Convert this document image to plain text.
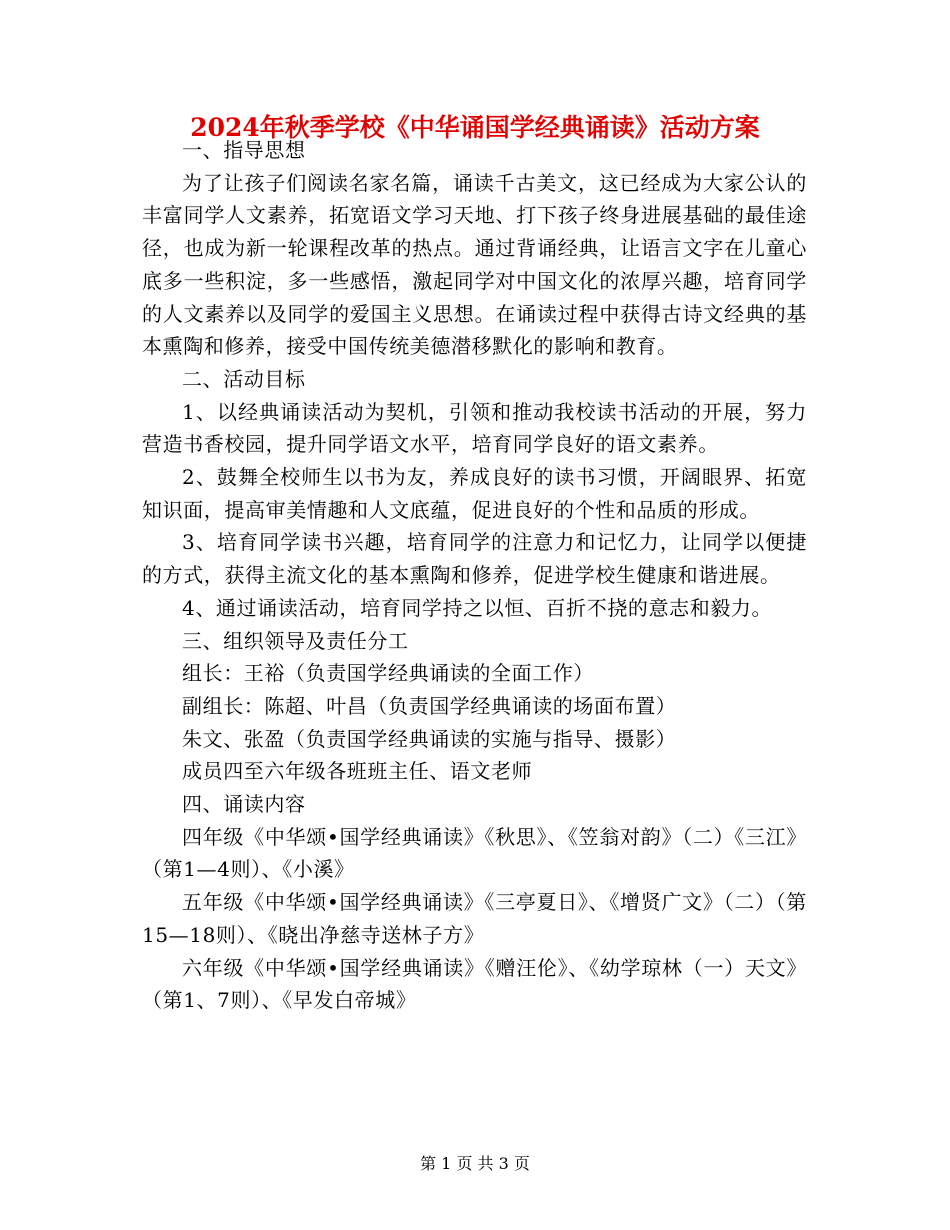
2024年秋季学校《中华诵国学经典诵读》活动方案

一、指导思想

为了让孩子们阅读名家名篇，诵读千古美文，这已经成为大家公认的丰富同学人文素养，拓宽语文学习天地、打下孩子终身进展基础的最佳途径，也成为新一轮课程改革的热点。通过背诵经典，让语言文字在儿童心底多一些积淀，多一些感悟，激起同学对中国文化的浓厚兴趣，培育同学的人文素养以及同学的爱国主义思想。在诵读过程中获得古诗文经典的基本熏陶和修养，接受中国传统美德潜移默化的影响和教育。

二、活动目标

1、以经典诵读活动为契机，引领和推动我校读书活动的开展，努力营造书香校园，提升同学语文水平，培育同学良好的语文素养。

2、鼓舞全校师生以书为友，养成良好的读书习惯，开阔眼界、拓宽知识面，提高审美情趣和人文底蕴，促进良好的个性和品质的形成。

3、培育同学读书兴趣，培育同学的注意力和记忆力，让同学以便捷的方式，获得主流文化的基本熏陶和修养，促进学校生健康和谐进展。

4、通过诵读活动，培育同学持之以恒、百折不挠的意志和毅力。

三、组织领导及责任分工

组长：王裕（负责国学经典诵读的全面工作）

副组长：陈超、叶昌（负责国学经典诵读的场面布置）

朱文、张盈（负责国学经典诵读的实施与指导、摄影）

成员四至六年级各班班主任、语文老师

四、诵读内容

四年级《中华颂•国学经典诵读》《秋思》、《笠翁对韵》（二）《三江》（第1—4则）、《小溪》

五年级《中华颂•国学经典诵读》《三亭夏日》、《增贤广文》（二）（第15—18则）、《晓出净慈寺送林子方》

六年级《中华颂•国学经典诵读》《赠汪伦》、《幼学琼林（一）天文》（第1、7则）、《早发白帝城》

第 1 页 共 3 页
